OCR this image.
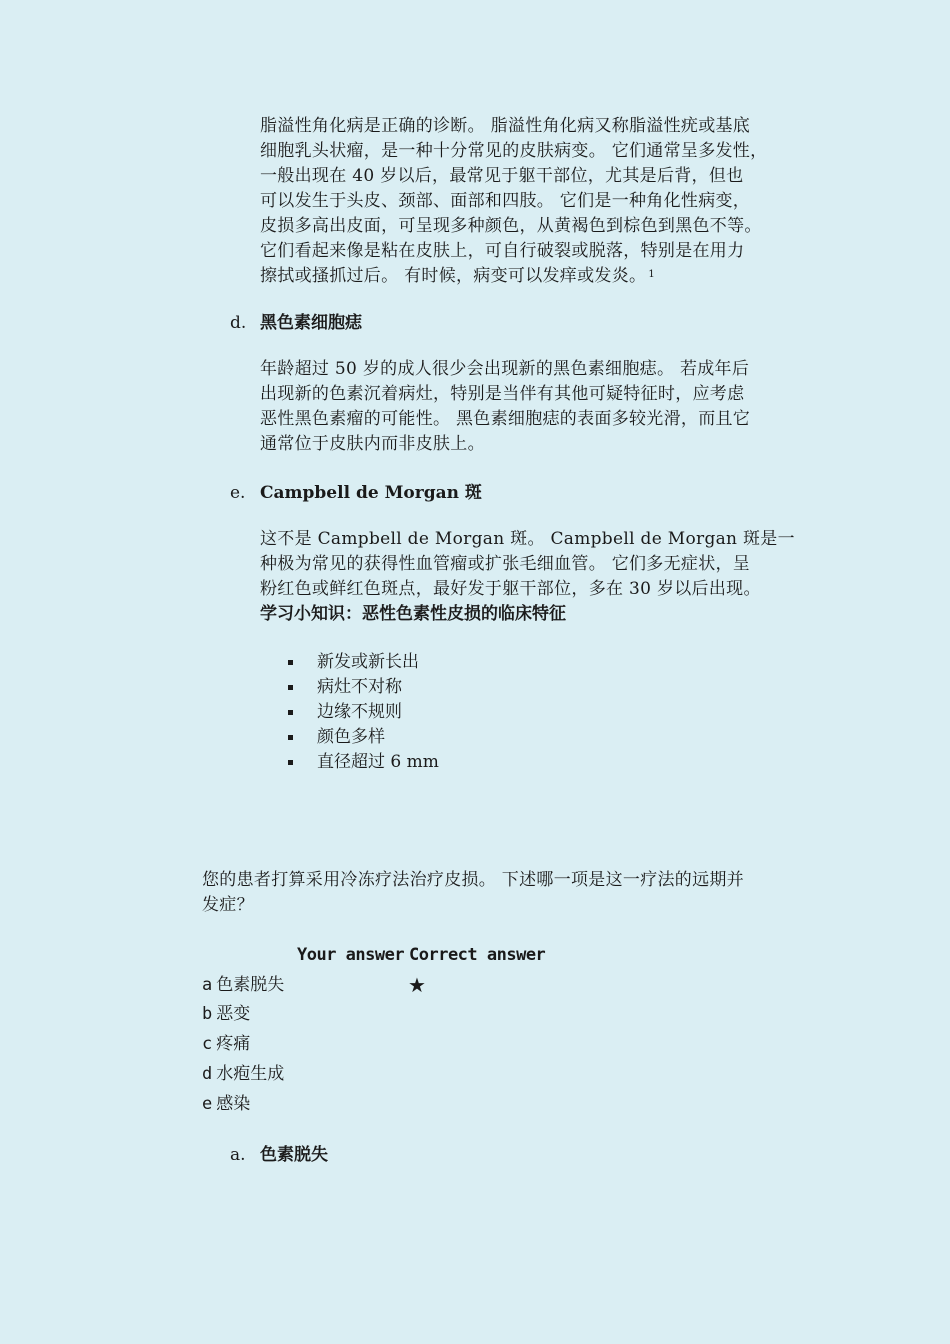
脂溢性角化病是正确的诊断。 脂溢性角化病又称脂溢性疣或基底
细胞乳头状瘤，是一种十分常见的皮肤病变。 它们通常呈多发性，
一般出现在 40 岁以后，最常见于躯干部位，尤其是后背，但也
可以发生于头皮、颈部、面部和四肢。 它们是一种角化性病变，
皮损多高出皮面，可呈现多种颜色，从黄褐色到棕色到黑色不等。
它们看起来像是粘在皮肤上，可自行破裂或脱落，特别是在用力
擦拭或搔抓过后。 有时候，病变可以发痒或发炎。 $^1$
d. 黑色素细胞痣
年龄超过 50 岁的成人很少会出现新的黑色素细胞痣。 若成年后
出现新的色素沉着病灶，特别是当伴有其他可疑特征时，应考虑
恶性黑色素瘤的可能性。 黑色素细胞痣的表面多较光滑，而且它
通常位于皮肤内而非皮肤上。
e. Campbell de Morgan 斑
这不是 Campbell de Morgan 斑。 Campbell de Morgan 斑是一
种极为常见的获得性血管瘤或扩张毛细血管。 它们多无症状，呈
粉红色或鲜红色斑点，最好发于躯干部位，多在 30 岁以后出现。
学习小知识：恶性色素性皮损的临床特征
新发或新长出
病灶不对称
边缘不规则
颜色多样
直径超过 6 mm
您的患者打算采用冷冻疗法治疗皮损。 下述哪一项是这一疗法的远期并
发症？
Your answer Correct answer
a 色素脱失	★
b 恶变
c 疼痛
d 水疱生成
e 感染
a. 色素脱失
